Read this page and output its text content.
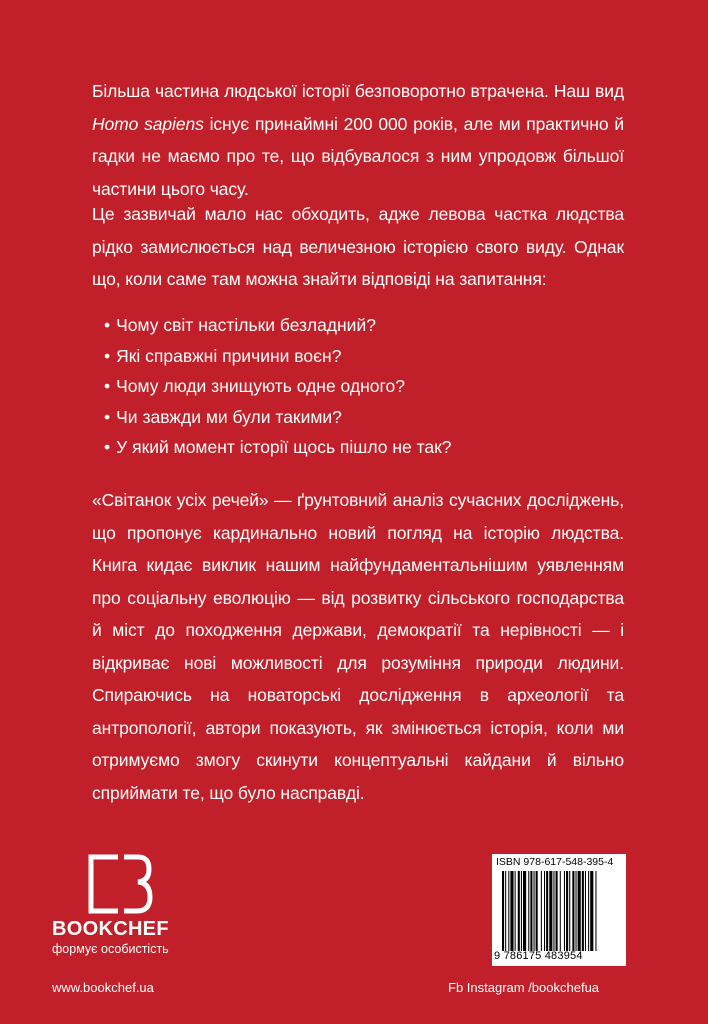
Більша частина людської історії безповоротно втрачена. Наш вид Homo sapiens існує принаймні 200 000 років, але ми практично й гадки не маємо про те, що відбувалося з ним упродовж більшої частини цього часу.

Це зазвичай мало нас обходить, адже левова частка людства рідко замислюється над величезною історією свого виду. Однак що, коли саме там можна знайти відповіді на запитання:

• Чому світ настільки безладний?
• Які справжні причини воєн?
• Чому люди знищують одне одного?
• Чи завжди ми були такими?
• У який момент історії щось пішло не так?

«Світанок усіх речей» — ґрунтовний аналіз сучасних досліджень, що пропонує кардинально новий погляд на історію людства. Книга кидає виклик нашим найфундаментальнішим уявленням про соціальну еволюцію — від розвитку сільського господарства й міст до походження держави, демократії та нерівності — і відкриває нові можливості для розуміння природи людини. Спираючись на новаторські дослідження в археології та антропології, автори показують, як змінюється історія, коли ми отримуємо змогу скинути концептуальні кайдани й вільно сприймати те, що було насправді.

BOOKCHEF
формує особистість
www.bookchef.ua	Fb Instagram /bookchefua
ISBN 978-617-548-395-4
9 786175 483954
